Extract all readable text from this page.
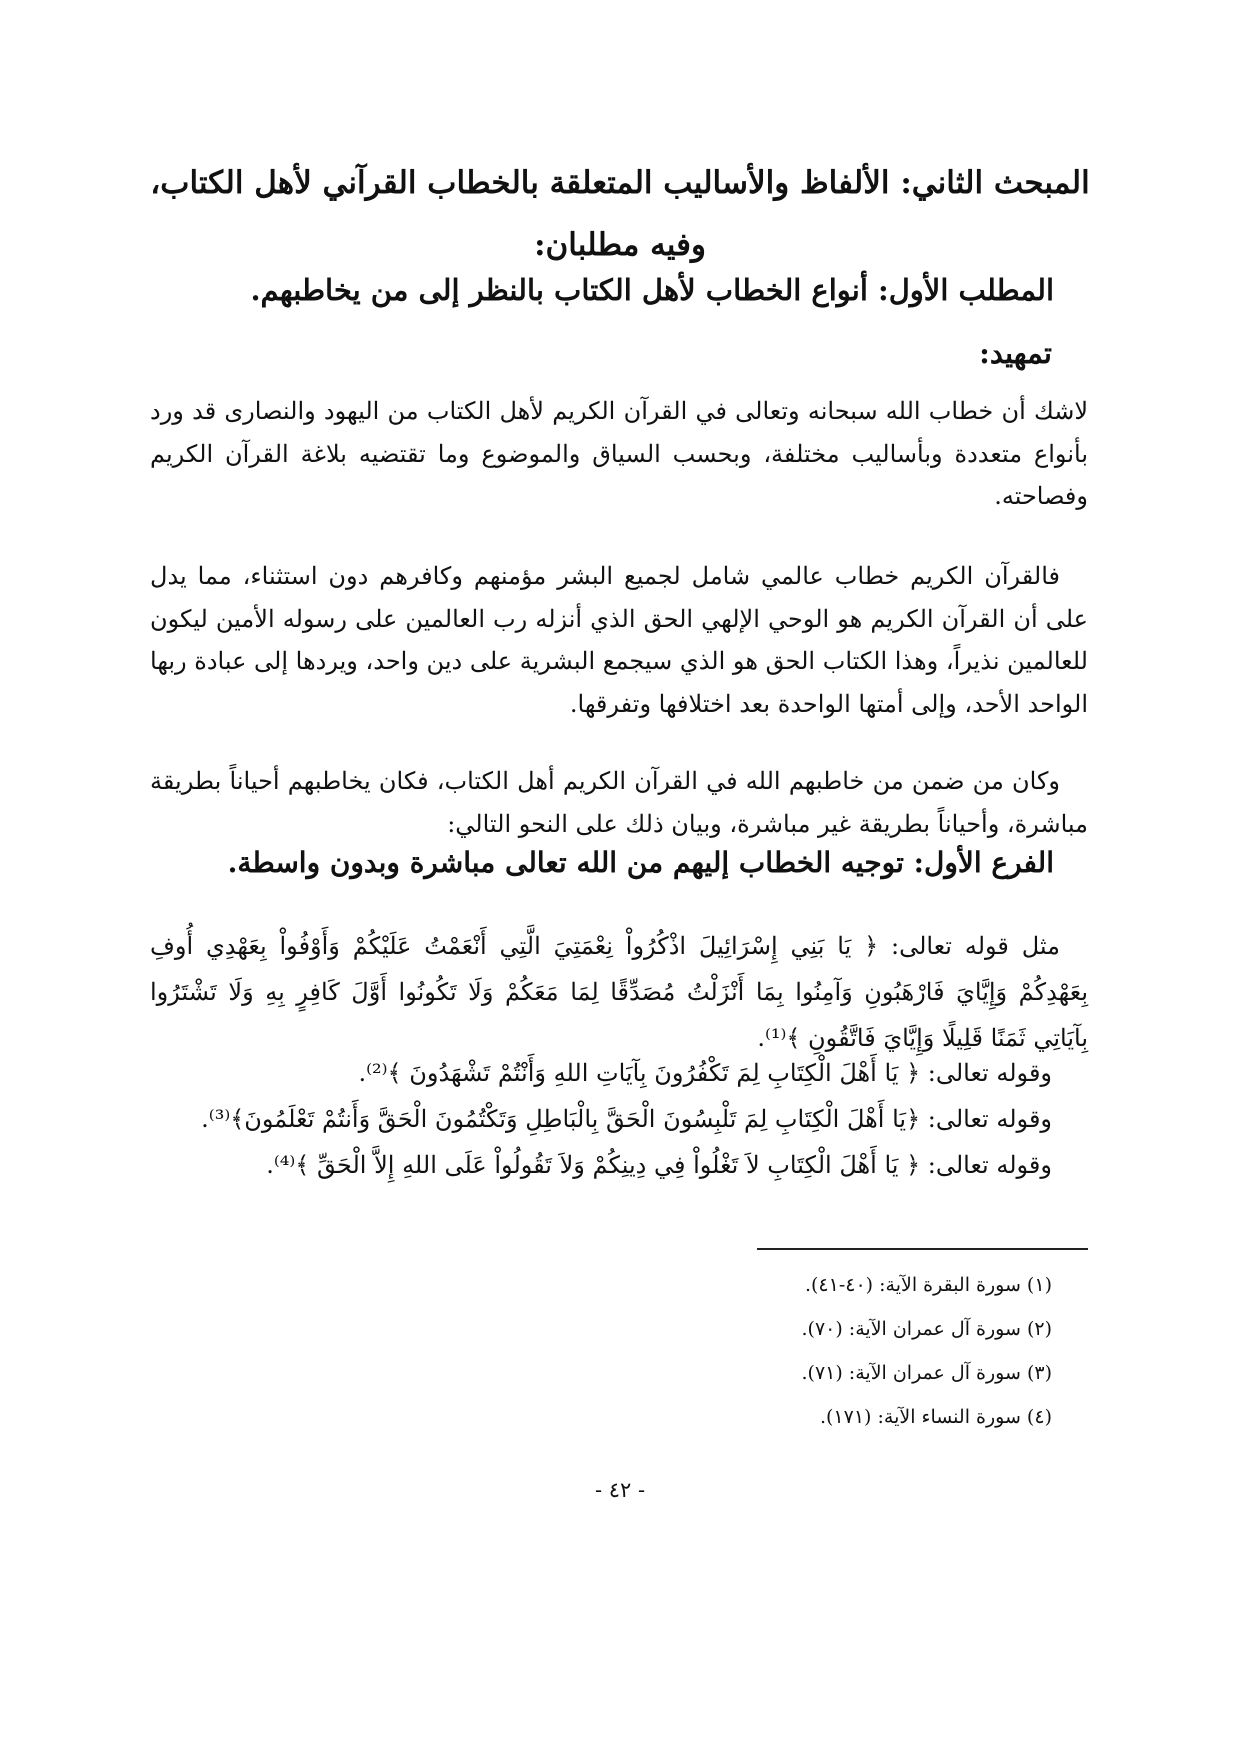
المبحث الثاني: الألفاظ والأساليب المتعلقة بالخطاب القرآني لأهل الكتاب، وفيه مطلبان:
المطلب الأول: أنواع الخطاب لأهل الكتاب بالنظر إلى من يخاطبهم.
تمهيد:
لاشك أن خطاب الله سبحانه وتعالى في القرآن الكريم لأهل الكتاب من اليهود والنصارى قد ورد بأنواع متعددة وبأساليب مختلفة، وبحسب السياق والموضوع وما تقتضيه بلاغة القرآن الكريم وفصاحته.
فالقرآن الكريم خطاب عالمي شامل لجميع البشر مؤمنهم وكافرهم دون استثناء، مما يدل على أن القرآن الكريم هو الوحي الإلهي الحق الذي أنزله رب العالمين على رسوله الأمين ليكون للعالمين نذيراً، وهذا الكتاب الحق هو الذي سيجمع البشرية على دين واحد، ويردها إلى عبادة ربها الواحد الأحد، وإلى أمتها الواحدة بعد اختلافها وتفرقها.
وكان من ضمن من خاطبهم الله في القرآن الكريم أهل الكتاب، فكان يخاطبهم أحياناً بطريقة مباشرة، وأحياناً بطريقة غير مباشرة، وبيان ذلك على النحو التالي:
الفرع الأول: توجيه الخطاب إليهم من الله تعالى مباشرة وبدون واسطة.
مثل قوله تعالى: ﴿ يَا بَنِي إِسْرَائِيلَ اذْكُرُواْ نِعْمَتِيَ الَّتِي أَنْعَمْتُ عَلَيْكُمْ وَأَوْفُواْ بِعَهْدِي أُوفِ بِعَهْدِكُمْ وَإِيَّايَ فَارْهَبُونِ وَآمِنُوا بِمَا أَنْزَلْتُ مُصَدِّقًا لِمَا مَعَكُمْ وَلَا تَكُونُوا أَوَّلَ كَافِرٍ بِهِ وَلَا تَشْتَرُوا بِآيَاتِي ثَمَنًا قَلِيلًا وَإِيَّايَ فَاتَّقُونِ ﴾⁽¹⁾.
وقوله تعالى: ﴿ يَا أَهْلَ الْكِتَابِ لِمَ تَكْفُرُونَ بِآيَاتِ اللهِ وَأَنْتُمْ تَشْهَدُونَ ﴾⁽²⁾.
وقوله تعالى: ﴿يَا أَهْلَ الْكِتَابِ لِمَ تَلْبِسُونَ الْحَقَّ بِالْبَاطِلِ وَتَكْتُمُونَ الْحَقَّ وَأَنتُمْ تَعْلَمُونَ﴾⁽³⁾.
وقوله تعالى: ﴿ يَا أَهْلَ الْكِتَابِ لاَ تَغْلُواْ فِي دِينِكُمْ وَلاَ تَقُولُواْ عَلَى اللهِ إِلاَّ الْحَقِّ ﴾⁽⁴⁾.
(١) سورة البقرة الآية: (٤٠-٤١).
(٢) سورة آل عمران الآية: (٧٠).
(٣) سورة آل عمران الآية: (٧١).
(٤) سورة النساء الآية: (١٧١).
- ٤٢ -
